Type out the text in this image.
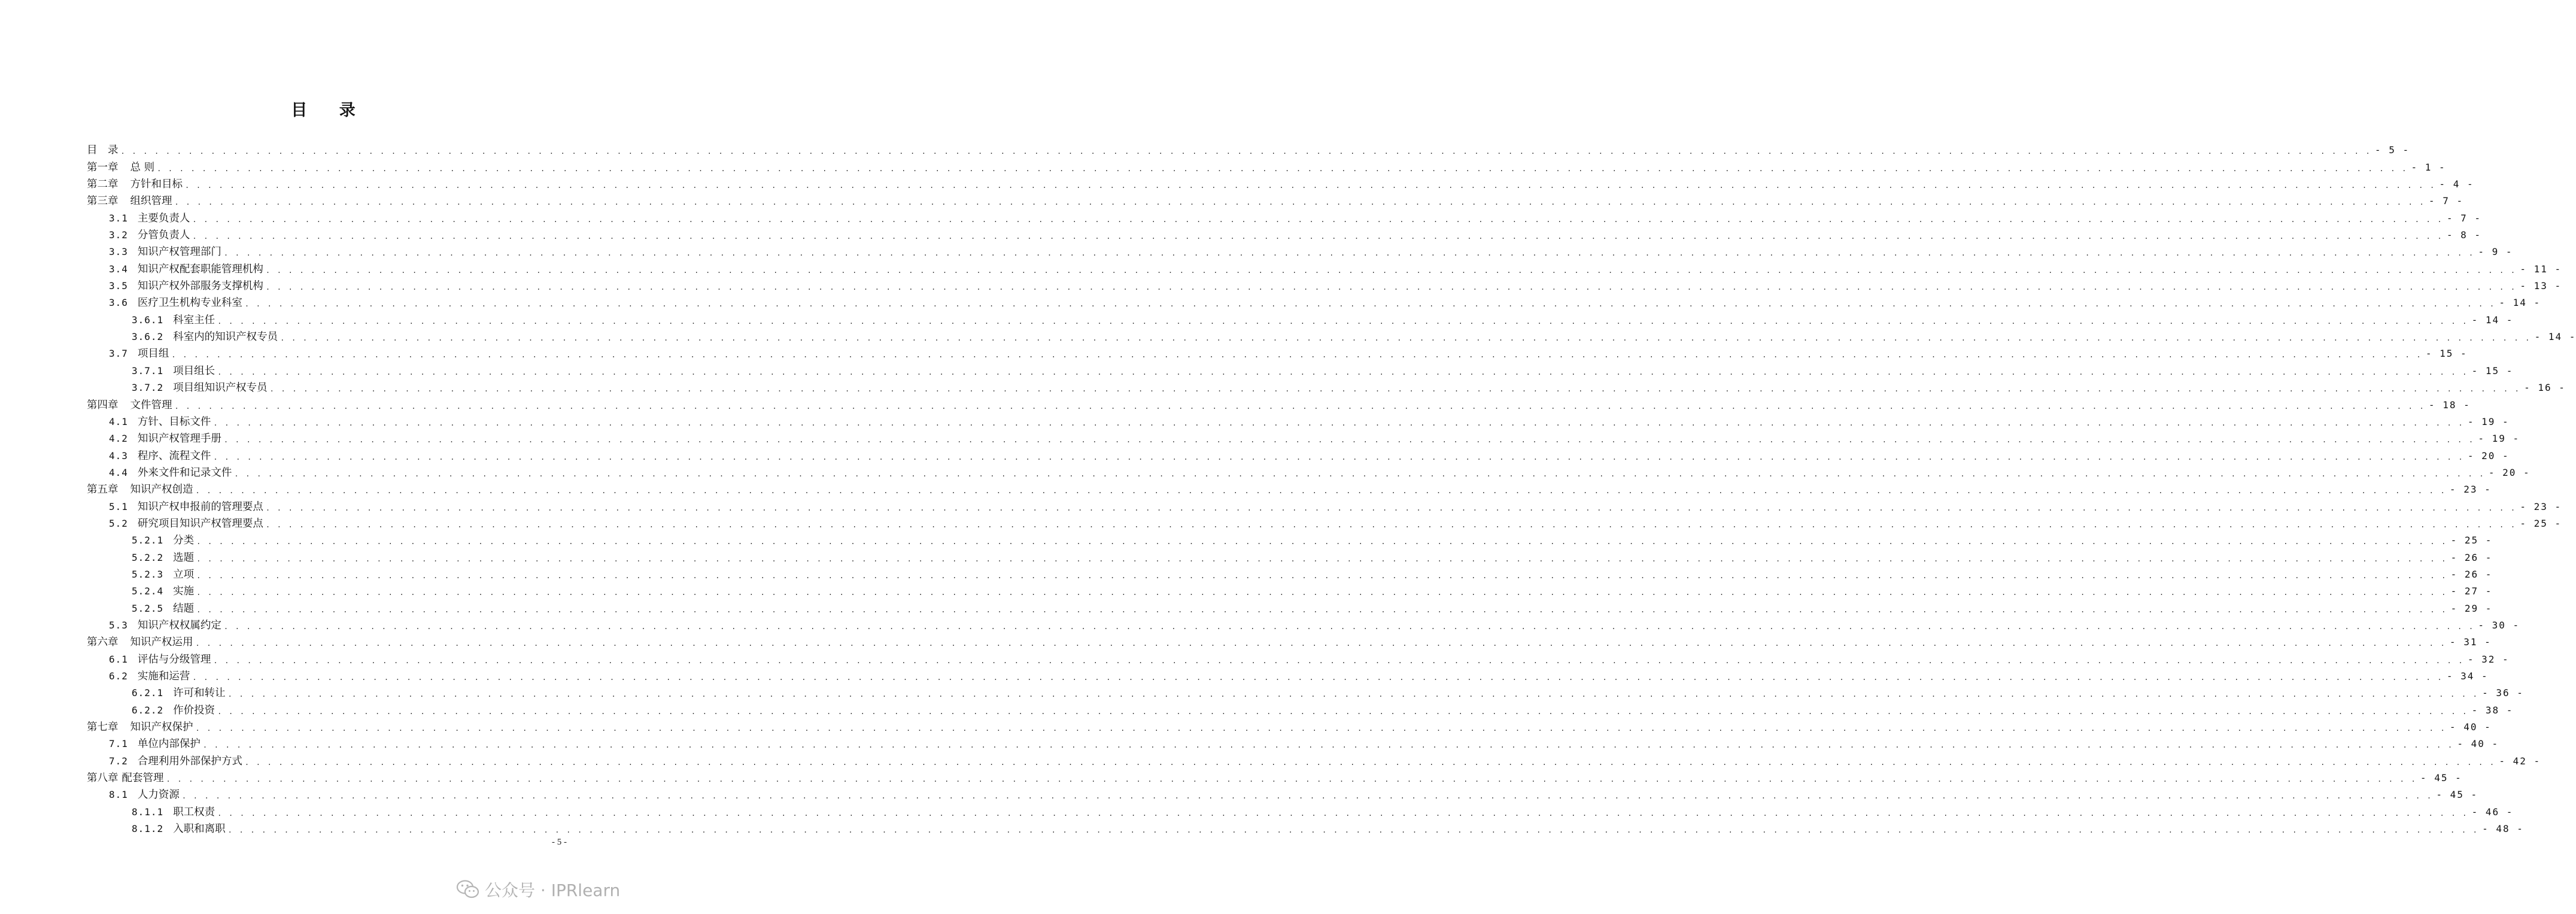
目 录
目　录 . . . . . . . . . . . . . . . . . . . . . . . . . . . . . . . . . . . . . . . . . . . . . . . . . . . . . . . . . . . . . . . . . . . . . . . . . . . . . . . . . . . . . . . . . . . . . . . . . . . . . . . . . . . . . . . . . . . . . . . . . . . . . . . . . . . . . . . . . . . . . . . . . . . . . . . . . . . . . . . . . . . . . . . . . . . . . . . . . . . . . . . . . . . . . . . . . . . . . . . . - 5 -
第一章 总 则 . . . . . . . . . . . . . . . . . . . . . . . . . . . . . . . . . . . . . . . . . . . . . . . . . . . . . . . . . . . . . . . . . . . . . . . . . . . . . . . . . . . . . . . . . . . . . . . . . . . . . . . . . . . . . . . . . . . . . . . . . . . . . . . . . . . . . . . . . . . . . . . . . . . . . . . . . . . . . . . . . . . . . . . . . . . . . . . . . . . . . . . . . . . . . . . . . . . . . . . . - 1 -
第二章 方针和目标 . . . . . . . . . . . . . . . . . . . . . . . . . . . . . . . . . . . . . . . . . . . . . . . . . . . . . . . . . . . . . . . . . . . . . . . . . . . . . . . . . . . . . . . . . . . . . . . . . . . . . . . . . . . . . . . . . . . . . . . . . . . . . . . . . . . . . . . . . . . . . . . . . . . . . . . . . . . . . . . . . . . . . . . . . . . . . . . . . . . . . . . . . . . . . . . . . . . . . . . . - 4 -
第三章 组织管理 . . . . . . . . . . . . . . . . . . . . . . . . . . . . . . . . . . . . . . . . . . . . . . . . . . . . . . . . . . . . . . . . . . . . . . . . . . . . . . . . . . . . . . . . . . . . . . . . . . . . . . . . . . . . . . . . . . . . . . . . . . . . . . . . . . . . . . . . . . . . . . . . . . . . . . . . . . . . . . . . . . . . . . . . . . . . . . . . . . . . . . . . . . . . . . . . . . . . . . . . - 7 -
3.1 主要负责人 . . . . . . . . . . . . . . . . . . . . . . . . . . . . . . . . . . . . . . . . . . . . . . . . . . . . . . . . . . . . . . . . . . . . . . . . . . . . . . . . . . . . . . . . . . . . . . . . . . . . . . . . . . . . . . . . . . . . . . . . . . . . . . . . . . . . . . . . . . . . . . . . . . . . . . . . . . . . . . . . . . . . . . . . . . . . . . . . . . . . . . . . . . . . . . . . . . . . . . . . - 7 -
3.2 分管负责人 . . . . . . . . . . . . . . . . . . . . . . . . . . . . . . . . . . . . . . . . . . . . . . . . . . . . . . . . . . . . . . . . . . . . . . . . . . . . . . . . . . . . . . . . . . . . . . . . . . . . . . . . . . . . . . . . . . . . . . . . . . . . . . . . . . . . . . . . . . . . . . . . . . . . . . . . . . . . . . . . . . . . . . . . . . . . . . . . . . . . . . . . . . . . . . . . . . . . . . . . - 8 -
3.3 知识产权管理部门 . . . . . . . . . . . . . . . . . . . . . . . . . . . . . . . . . . . . . . . . . . . . . . . . . . . . . . . . . . . . . . . . . . . . . . . . . . . . . . . . . . . . . . . . . . . . . . . . . . . . . . . . . . . . . . . . . . . . . . . . . . . . . . . . . . . . . . . . . . . . . . . . . . . . . . . . . . . . . . . . . . . . . . . . . . . . . . . . . . . . . . . . . . . . . . . . . . . . . . . . - 9 -
3.4 知识产权配套职能管理机构 . . . . . . . . . . . . . . . . . . . . . . . . . . . . . . . . . . . . . . . . . . . . . . . . . . . . . . . . . . . . . . . . . . . . . . . . . . . . . . . . . . . . . . . . . . . . . . . . . . . . . . . . . . . . . . . . . . . . . . . . . . . . . . . . . . . . . . . . . . . . . . . . . . . . . . . . . . . . . . . . . . . . . . . . . . . . . . . . . . . . . . . . . . . . . . . . . . . . . . . . - 11 -
3.5 知识产权外部服务支撑机构 . . . . . . . . . . . . . . . . . . . . . . . . . . . . . . . . . . . . . . . . . . . . . . . . . . . . . . . . . . . . . . . . . . . . . . . . . . . . . . . . . . . . . . . . . . . . . . . . . . . . . . . . . . . . . . . . . . . . . . . . . . . . . . . . . . . . . . . . . . . . . . . . . . . . . . . . . . . . . . . . . . . . . . . . . . . . . . . . . . . . . . . . . . . . . . . . . . . . . . . . - 13 -
3.6 医疗卫生机构专业科室 . . . . . . . . . . . . . . . . . . . . . . . . . . . . . . . . . . . . . . . . . . . . . . . . . . . . . . . . . . . . . . . . . . . . . . . . . . . . . . . . . . . . . . . . . . . . . . . . . . . . . . . . . . . . . . . . . . . . . . . . . . . . . . . . . . . . . . . . . . . . . . . . . . . . . . . . . . . . . . . . . . . . . . . . . . . . . . . . . . . . . . . . . . . . . . . . . . . . . . . . - 14 -
3.6.1 科室主任 . . . . . . . . . . . . . . . . . . . . . . . . . . . . . . . . . . . . . . . . . . . . . . . . . . . . . . . . . . . . . . . . . . . . . . . . . . . . . . . . . . . . . . . . . . . . . . . . . . . . . . . . . . . . . . . . . . . . . . . . . . . . . . . . . . . . . . . . . . . . . . . . . . . . . . . . . . . . . . . . . . . . . . . . . . . . . . . . . . . . . . . . . . . . . . . . . . . . . . . . - 14 -
3.6.2 科室内的知识产权专员 . . . . . . . . . . . . . . . . . . . . . . . . . . . . . . . . . . . . . . . . . . . . . . . . . . . . . . . . . . . . . . . . . . . . . . . . . . . . . . . . . . . . . . . . . . . . . . . . . . . . . . . . . . . . . . . . . . . . . . . . . . . . . . . . . . . . . . . . . . . . . . . . . . . . . . . . . . . . . . . . . . . . . . . . . . . . . . . . . . . . . . . . . . . . . . . . . . . . . . . . - 14 -
3.7 项目组 . . . . . . . . . . . . . . . . . . . . . . . . . . . . . . . . . . . . . . . . . . . . . . . . . . . . . . . . . . . . . . . . . . . . . . . . . . . . . . . . . . . . . . . . . . . . . . . . . . . . . . . . . . . . . . . . . . . . . . . . . . . . . . . . . . . . . . . . . . . . . . . . . . . . . . . . . . . . . . . . . . . . . . . . . . . . . . . . . . . . . . . . . . . . . . . . . . . . . . . . - 15 -
3.7.1 项目组长 . . . . . . . . . . . . . . . . . . . . . . . . . . . . . . . . . . . . . . . . . . . . . . . . . . . . . . . . . . . . . . . . . . . . . . . . . . . . . . . . . . . . . . . . . . . . . . . . . . . . . . . . . . . . . . . . . . . . . . . . . . . . . . . . . . . . . . . . . . . . . . . . . . . . . . . . . . . . . . . . . . . . . . . . . . . . . . . . . . . . . . . . . . . . . . . . . . . . . . . . - 15 -
3.7.2 项目组知识产权专员 . . . . . . . . . . . . . . . . . . . . . . . . . . . . . . . . . . . . . . . . . . . . . . . . . . . . . . . . . . . . . . . . . . . . . . . . . . . . . . . . . . . . . . . . . . . . . . . . . . . . . . . . . . . . . . . . . . . . . . . . . . . . . . . . . . . . . . . . . . . . . . . . . . . . . . . . . . . . . . . . . . . . . . . . . . . . . . . . . . . . . . . . . . . . . . . . . . . . . . . . - 16 -
第四章 文件管理 . . . . . . . . . . . . . . . . . . . . . . . . . . . . . . . . . . . . . . . . . . . . . . . . . . . . . . . . . . . . . . . . . . . . . . . . . . . . . . . . . . . . . . . . . . . . . . . . . . . . . . . . . . . . . . . . . . . . . . . . . . . . . . . . . . . . . . . . . . . . . . . . . . . . . . . . . . . . . . . . . . . . . . . . . . . . . . . . . . . . . . . . . . . . . . . . . . . . . . . . - 18 -
4.1 方针、目标文件 . . . . . . . . . . . . . . . . . . . . . . . . . . . . . . . . . . . . . . . . . . . . . . . . . . . . . . . . . . . . . . . . . . . . . . . . . . . . . . . . . . . . . . . . . . . . . . . . . . . . . . . . . . . . . . . . . . . . . . . . . . . . . . . . . . . . . . . . . . . . . . . . . . . . . . . . . . . . . . . . . . . . . . . . . . . . . . . . . . . . . . . . . . . . . . . . . . . . . . . . - 19 -
4.2 知识产权管理手册 . . . . . . . . . . . . . . . . . . . . . . . . . . . . . . . . . . . . . . . . . . . . . . . . . . . . . . . . . . . . . . . . . . . . . . . . . . . . . . . . . . . . . . . . . . . . . . . . . . . . . . . . . . . . . . . . . . . . . . . . . . . . . . . . . . . . . . . . . . . . . . . . . . . . . . . . . . . . . . . . . . . . . . . . . . . . . . . . . . . . . . . . . . . . . . . . . . . . . . . . - 19 -
4.3 程序、流程文件 . . . . . . . . . . . . . . . . . . . . . . . . . . . . . . . . . . . . . . . . . . . . . . . . . . . . . . . . . . . . . . . . . . . . . . . . . . . . . . . . . . . . . . . . . . . . . . . . . . . . . . . . . . . . . . . . . . . . . . . . . . . . . . . . . . . . . . . . . . . . . . . . . . . . . . . . . . . . . . . . . . . . . . . . . . . . . . . . . . . . . . . . . . . . . . . . . . . . . . . . - 20 -
4.4 外来文件和记录文件 . . . . . . . . . . . . . . . . . . . . . . . . . . . . . . . . . . . . . . . . . . . . . . . . . . . . . . . . . . . . . . . . . . . . . . . . . . . . . . . . . . . . . . . . . . . . . . . . . . . . . . . . . . . . . . . . . . . . . . . . . . . . . . . . . . . . . . . . . . . . . . . . . . . . . . . . . . . . . . . . . . . . . . . . . . . . . . . . . . . . . . . . . . . . . . . . . . . . . . . . - 20 -
第五章 知识产权创造 . . . . . . . . . . . . . . . . . . . . . . . . . . . . . . . . . . . . . . . . . . . . . . . . . . . . . . . . . . . . . . . . . . . . . . . . . . . . . . . . . . . . . . . . . . . . . . . . . . . . . . . . . . . . . . . . . . . . . . . . . . . . . . . . . . . . . . . . . . . . . . . . . . . . . . . . . . . . . . . . . . . . . . . . . . . . . . . . . . . . . . . . . . . . . . . . . . . . . . . . - 23 -
5.1 知识产权申报前的管理要点 . . . . . . . . . . . . . . . . . . . . . . . . . . . . . . . . . . . . . . . . . . . . . . . . . . . . . . . . . . . . . . . . . . . . . . . . . . . . . . . . . . . . . . . . . . . . . . . . . . . . . . . . . . . . . . . . . . . . . . . . . . . . . . . . . . . . . . . . . . . . . . . . . . . . . . . . . . . . . . . . . . . . . . . . . . . . . . . . . . . . . . . . . . . . . . . . . . . . . . . . - 23 -
5.2 研究项目知识产权管理要点 . . . . . . . . . . . . . . . . . . . . . . . . . . . . . . . . . . . . . . . . . . . . . . . . . . . . . . . . . . . . . . . . . . . . . . . . . . . . . . . . . . . . . . . . . . . . . . . . . . . . . . . . . . . . . . . . . . . . . . . . . . . . . . . . . . . . . . . . . . . . . . . . . . . . . . . . . . . . . . . . . . . . . . . . . . . . . . . . . . . . . . . . . . . . . . . . . . . . . . . . - 25 -
5.2.1 分类 . . . . . . . . . . . . . . . . . . . . . . . . . . . . . . . . . . . . . . . . . . . . . . . . . . . . . . . . . . . . . . . . . . . . . . . . . . . . . . . . . . . . . . . . . . . . . . . . . . . . . . . . . . . . . . . . . . . . . . . . . . . . . . . . . . . . . . . . . . . . . . . . . . . . . . . . . . . . . . . . . . . . . . . . . . . . . . . . . . . . . . . . . . . . . . . . . . . . . . . . - 25 -
5.2.2 选题 . . . . . . . . . . . . . . . . . . . . . . . . . . . . . . . . . . . . . . . . . . . . . . . . . . . . . . . . . . . . . . . . . . . . . . . . . . . . . . . . . . . . . . . . . . . . . . . . . . . . . . . . . . . . . . . . . . . . . . . . . . . . . . . . . . . . . . . . . . . . . . . . . . . . . . . . . . . . . . . . . . . . . . . . . . . . . . . . . . . . . . . . . . . . . . . . . . . . . . . . - 26 -
5.2.3 立项 . . . . . . . . . . . . . . . . . . . . . . . . . . . . . . . . . . . . . . . . . . . . . . . . . . . . . . . . . . . . . . . . . . . . . . . . . . . . . . . . . . . . . . . . . . . . . . . . . . . . . . . . . . . . . . . . . . . . . . . . . . . . . . . . . . . . . . . . . . . . . . . . . . . . . . . . . . . . . . . . . . . . . . . . . . . . . . . . . . . . . . . . . . . . . . . . . . . . . . . . - 26 -
5.2.4 实施 . . . . . . . . . . . . . . . . . . . . . . . . . . . . . . . . . . . . . . . . . . . . . . . . . . . . . . . . . . . . . . . . . . . . . . . . . . . . . . . . . . . . . . . . . . . . . . . . . . . . . . . . . . . . . . . . . . . . . . . . . . . . . . . . . . . . . . . . . . . . . . . . . . . . . . . . . . . . . . . . . . . . . . . . . . . . . . . . . . . . . . . . . . . . . . . . . . . . . . . . - 27 -
5.2.5 结题 . . . . . . . . . . . . . . . . . . . . . . . . . . . . . . . . . . . . . . . . . . . . . . . . . . . . . . . . . . . . . . . . . . . . . . . . . . . . . . . . . . . . . . . . . . . . . . . . . . . . . . . . . . . . . . . . . . . . . . . . . . . . . . . . . . . . . . . . . . . . . . . . . . . . . . . . . . . . . . . . . . . . . . . . . . . . . . . . . . . . . . . . . . . . . . . . . . . . . . . . - 29 -
5.3 知识产权权属约定 . . . . . . . . . . . . . . . . . . . . . . . . . . . . . . . . . . . . . . . . . . . . . . . . . . . . . . . . . . . . . . . . . . . . . . . . . . . . . . . . . . . . . . . . . . . . . . . . . . . . . . . . . . . . . . . . . . . . . . . . . . . . . . . . . . . . . . . . . . . . . . . . . . . . . . . . . . . . . . . . . . . . . . . . . . . . . . . . . . . . . . . . . . . . . . . . . . . . . . . . - 30 -
第六章 知识产权运用 . . . . . . . . . . . . . . . . . . . . . . . . . . . . . . . . . . . . . . . . . . . . . . . . . . . . . . . . . . . . . . . . . . . . . . . . . . . . . . . . . . . . . . . . . . . . . . . . . . . . . . . . . . . . . . . . . . . . . . . . . . . . . . . . . . . . . . . . . . . . . . . . . . . . . . . . . . . . . . . . . . . . . . . . . . . . . . . . . . . . . . . . . . . . . . . . . . . . . . . . - 31 -
6.1 评估与分级管理 . . . . . . . . . . . . . . . . . . . . . . . . . . . . . . . . . . . . . . . . . . . . . . . . . . . . . . . . . . . . . . . . . . . . . . . . . . . . . . . . . . . . . . . . . . . . . . . . . . . . . . . . . . . . . . . . . . . . . . . . . . . . . . . . . . . . . . . . . . . . . . . . . . . . . . . . . . . . . . . . . . . . . . . . . . . . . . . . . . . . . . . . . . . . . . . . . . . . . . . . - 32 -
6.2 实施和运营 . . . . . . . . . . . . . . . . . . . . . . . . . . . . . . . . . . . . . . . . . . . . . . . . . . . . . . . . . . . . . . . . . . . . . . . . . . . . . . . . . . . . . . . . . . . . . . . . . . . . . . . . . . . . . . . . . . . . . . . . . . . . . . . . . . . . . . . . . . . . . . . . . . . . . . . . . . . . . . . . . . . . . . . . . . . . . . . . . . . . . . . . . . . . . . . . . . . . . . . . - 34 -
6.2.1 许可和转让 . . . . . . . . . . . . . . . . . . . . . . . . . . . . . . . . . . . . . . . . . . . . . . . . . . . . . . . . . . . . . . . . . . . . . . . . . . . . . . . . . . . . . . . . . . . . . . . . . . . . . . . . . . . . . . . . . . . . . . . . . . . . . . . . . . . . . . . . . . . . . . . . . . . . . . . . . . . . . . . . . . . . . . . . . . . . . . . . . . . . . . . . . . . . . . . . . . . . . . . . - 36 -
6.2.2 作价投资 . . . . . . . . . . . . . . . . . . . . . . . . . . . . . . . . . . . . . . . . . . . . . . . . . . . . . . . . . . . . . . . . . . . . . . . . . . . . . . . . . . . . . . . . . . . . . . . . . . . . . . . . . . . . . . . . . . . . . . . . . . . . . . . . . . . . . . . . . . . . . . . . . . . . . . . . . . . . . . . . . . . . . . . . . . . . . . . . . . . . . . . . . . . . . . . . . . . . . . . . - 38 -
第七章 知识产权保护 . . . . . . . . . . . . . . . . . . . . . . . . . . . . . . . . . . . . . . . . . . . . . . . . . . . . . . . . . . . . . . . . . . . . . . . . . . . . . . . . . . . . . . . . . . . . . . . . . . . . . . . . . . . . . . . . . . . . . . . . . . . . . . . . . . . . . . . . . . . . . . . . . . . . . . . . . . . . . . . . . . . . . . . . . . . . . . . . . . . . . . . . . . . . . . . . . . . . . . . . - 40 -
7.1 单位内部保护 . . . . . . . . . . . . . . . . . . . . . . . . . . . . . . . . . . . . . . . . . . . . . . . . . . . . . . . . . . . . . . . . . . . . . . . . . . . . . . . . . . . . . . . . . . . . . . . . . . . . . . . . . . . . . . . . . . . . . . . . . . . . . . . . . . . . . . . . . . . . . . . . . . . . . . . . . . . . . . . . . . . . . . . . . . . . . . . . . . . . . . . . . . . . . . . . . . . . . . . . - 40 -
7.2 合理利用外部保护方式 . . . . . . . . . . . . . . . . . . . . . . . . . . . . . . . . . . . . . . . . . . . . . . . . . . . . . . . . . . . . . . . . . . . . . . . . . . . . . . . . . . . . . . . . . . . . . . . . . . . . . . . . . . . . . . . . . . . . . . . . . . . . . . . . . . . . . . . . . . . . . . . . . . . . . . . . . . . . . . . . . . . . . . . . . . . . . . . . . . . . . . . . . . . . . . . . . . . . . . . . - 42 -
第八章 配套管理 . . . . . . . . . . . . . . . . . . . . . . . . . . . . . . . . . . . . . . . . . . . . . . . . . . . . . . . . . . . . . . . . . . . . . . . . . . . . . . . . . . . . . . . . . . . . . . . . . . . . . . . . . . . . . . . . . . . . . . . . . . . . . . . . . . . . . . . . . . . . . . . . . . . . . . . . . . . . . . . . . . . . . . . . . . . . . . . . . . . . . . . . . . . . . . . . . . . . . . . . - 45 -
8.1 人力资源 . . . . . . . . . . . . . . . . . . . . . . . . . . . . . . . . . . . . . . . . . . . . . . . . . . . . . . . . . . . . . . . . . . . . . . . . . . . . . . . . . . . . . . . . . . . . . . . . . . . . . . . . . . . . . . . . . . . . . . . . . . . . . . . . . . . . . . . . . . . . . . . . . . . . . . . . . . . . . . . . . . . . . . . . . . . . . . . . . . . . . . . . . . . . . . . . . . . . . . . . - 45 -
8.1.1 职工权责 . . . . . . . . . . . . . . . . . . . . . . . . . . . . . . . . . . . . . . . . . . . . . . . . . . . . . . . . . . . . . . . . . . . . . . . . . . . . . . . . . . . . . . . . . . . . . . . . . . . . . . . . . . . . . . . . . . . . . . . . . . . . . . . . . . . . . . . . . . . . . . . . . . . . . . . . . . . . . . . . . . . . . . . . . . . . . . . . . . . . . . . . . . . . . . . . . . . . . . . . - 46 -
8.1.2 入职和离职 . . . . . . . . . . . . . . . . . . . . . . . . . . . . . . . . . . . . . . . . . . . . . . . . . . . . . . . . . . . . . . . . . . . . . . . . . . . . . . . . . . . . . . . . . . . . . . . . . . . . . . . . . . . . . . . . . . . . . . . . . . . . . . . . . . . . . . . . . . . . . . . . . . . . . . . . . . . . . . . . . . . . . . . . . . . . . . . . . . . . . . . . . . . . . . . . . . . . . . . . - 48 -
- 5 -
公众号 · IPRlearn
